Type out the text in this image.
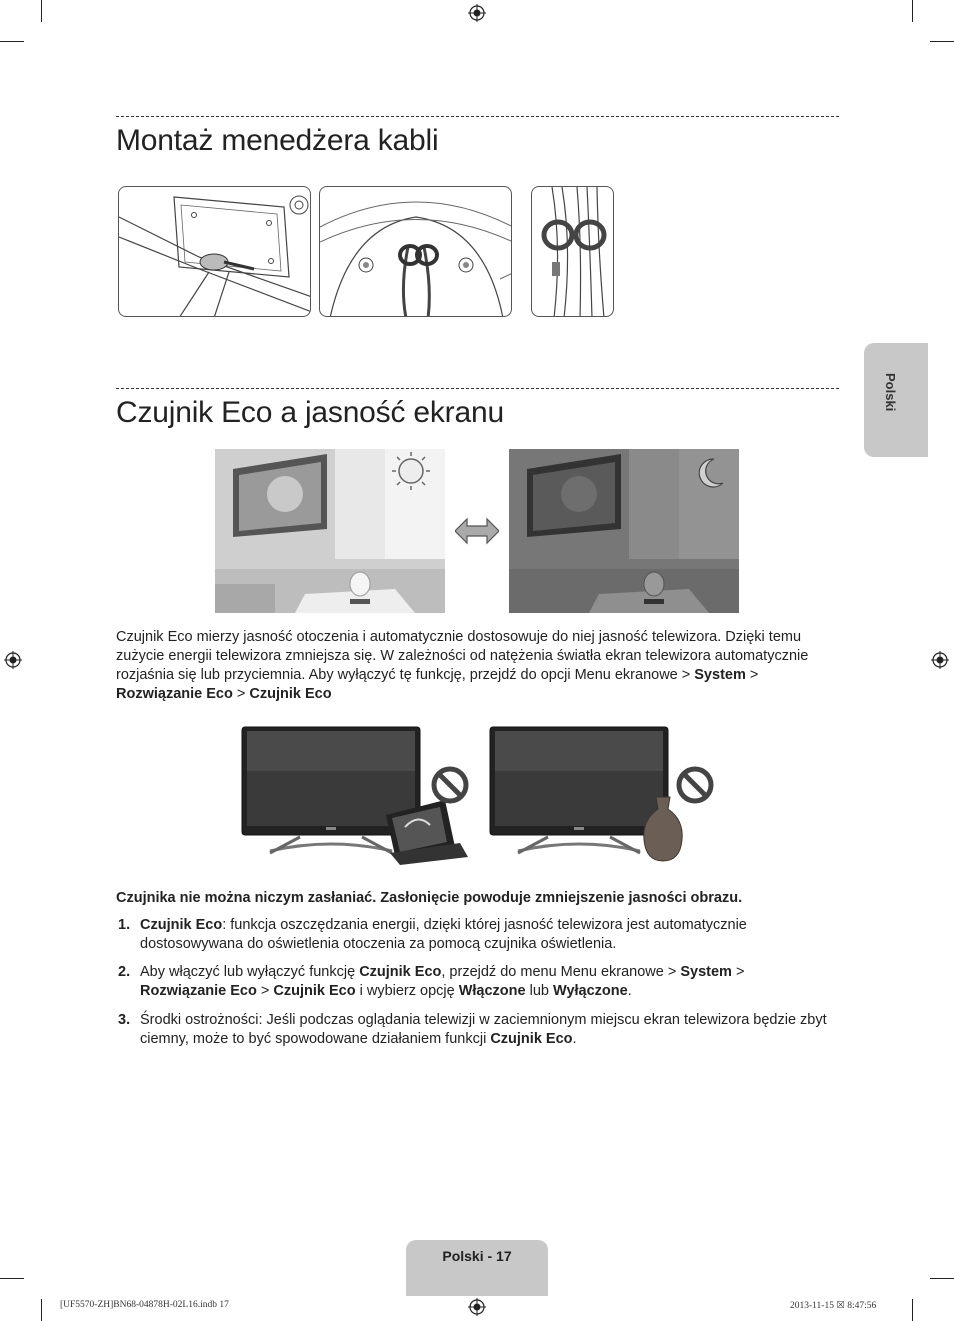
Montaż menedżera kabli
Czujnik Eco a jasność ekranu
Polski

Czujnik Eco mierzy jasność otoczenia i automatycznie dostosowuje do niej jasność telewizora. Dzięki temu zużycie energii telewizora zmniejsza się. W zależności od natężenia światła ekran telewizora automatycznie rozjaśnia się lub przyciemnia. Aby wyłączyć tę funkcję, przejdź do opcji Menu ekranowe > System >
Rozwiązanie Eco > Czujnik Eco

Czujnika nie można niczym zasłaniać. Zasłonięcie powoduje zmniejszenie jasności obrazu.

1. Czujnik Eco: funkcja oszczędzania energii, dzięki której jasność telewizora jest automatycznie dostosowywana do oświetlenia otoczenia za pomocą czujnika oświetlenia.
2. Aby włączyć lub wyłączyć funkcję Czujnik Eco, przejdź do menu Menu ekranowe > System >
Rozwiązanie Eco > Czujnik Eco i wybierz opcję Włączone lub Wyłączone.
3. Środki ostrożności: Jeśli podczas oglądania telewizji w zaciemnionym miejscu ekran telewizora będzie zbyt ciemny, może to być spowodowane działaniem funkcji Czujnik Eco.
Polski - 17
[UF5570-ZH]BN68-04878H-02L16.indb 17	2013-11-15 ☒ 8:47:56
